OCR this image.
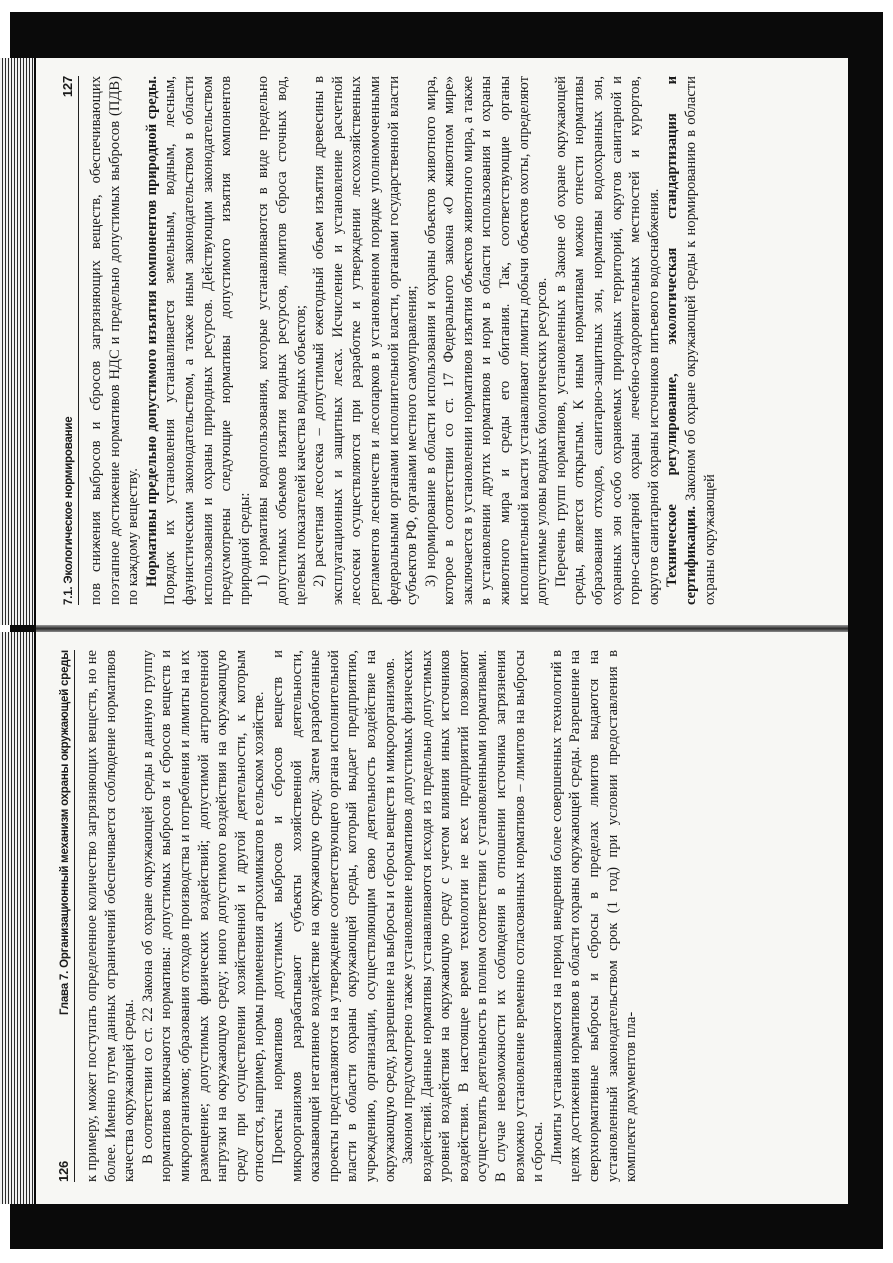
7.1. Экологическое нормирование
127 пов снижения выбросов и сбросов загрязняющих веществ, обеспечивающих поэтапное достижение нормативов НДС и предельно допустимых выбросов (ПДВ) по каждому веществу. Нормативы предельно допустимого изъятия компонентов природной среды. Порядок их установления устанавливается земельным, водным, лесным, фаунистическим законодательством, а также иным законодательством в области использования и охраны природных ресурсов. Действующим законодательством предусмотрены следующие нормативы допустимого изъятия компонентов природной среды: 1) нормативы водопользования, которые устанавливаются в виде предельно допустимых объемов изъятия водных ресурсов, лимитов сброса сточных вод, целевых показателей качества водных объектов; 2) расчетная лесосека – допустимый ежегодный объем изъятия древесины в эксплуатационных и защитных лесах. Исчисление и установление расчетной лесосеки осуществляются при разработке и утверждении лесохозяйственных регламентов лесничеств и лесопарков в установленном порядке уполномоченными федеральными органами исполнительной власти, органами государственной власти субъектов РФ, органами местного самоуправления; 3) нормирование в области использования и охраны объектов животного мира, которое в соответствии со ст. 17 Федерального закона «О животном мире» заключается в установлении нормативов изъятия объектов животного мира, а также в установлении других нормативов и норм в области использования и охраны животного мира и среды его обитания. Так, соответствующие органы исполнительной власти устанавливают лимиты добычи объектов охоты, определяют допустимые уловы водных биологических ресурсов. Перечень групп нормативов, установленных в Законе об охране окружающей среды, является открытым. К иным нормативам можно отнести нормативы образования отходов, санитарно-защитных зон, нормативы водоохранных зон, охранных зон особо охраняемых природных территорий, округов санитарной и горно-санитарной охраны лечебно-оздоровительных местностей и курортов, округов санитарной охраны источников питьевого водоснабжения. Техническое регулирование, экологическая стандартизация и сертификация. Законом об охране окружающей среды к нормированию в области охраны окружающей

126
Глава 7. Организационный механизм охраны окружающей среды к примеру, может поступать определенное количество загрязняющих веществ, но не более. Именно путем данных ограничений обеспечивается соблюдение нормативов качества окружающей среды. В соответствии со ст. 22 Закона об охране окружающей среды в данную группу нормативов включаются нормативы: допустимых выбросов и сбросов веществ и микроорганизмов; образования отходов производства и потребления и лимиты на их размещение; допустимых физических воздействий; допустимой антропогенной нагрузки на окружающую среду; иного допустимого воздействия на окружающую среду при осуществлении хозяйственной и другой деятельности, к которым относятся, например, нормы применения агрохимикатов в сельском хозяйстве. Проекты нормативов допустимых выбросов и сбросов веществ и микроорганизмов разрабатывают субъекты хозяйственной деятельности, оказывающей негативное воздействие на окружающую среду. Затем разработанные проекты представляются на утверждение соответствующего органа исполнительной власти в области охраны окружающей среды, который выдает предприятию, учреждению, организации, осуществляющим свою деятельность воздействие на окружающую среду, разрешение на выбросы и сбросы веществ и микроорганизмов. Законом предусмотрено также установление нормативов допустимых физических воздействий. Данные нормативы устанавливаются исходя из предельно допустимых уровней воздействия на окружающую среду с учетом влияния иных источников воздействия. В настоящее время технологии не всех предприятий позволяют осуществлять деятельность в полном соответствии с установленными нормативами. В случае невозможности их соблюдения в отношении источника загрязнения возможно установление временно согласованных нормативов – лимитов на выбросы и сбросы. Лимиты устанавливаются на период внедрения более совершенных технологий в целях достижения нормативов в области охраны окружающей среды. Разрешение на сверхнормативные выбросы и сбросы в пределах лимитов выдаются на установленный законодательством срок (1 год) при условии предоставления в комплекте документов пла-
